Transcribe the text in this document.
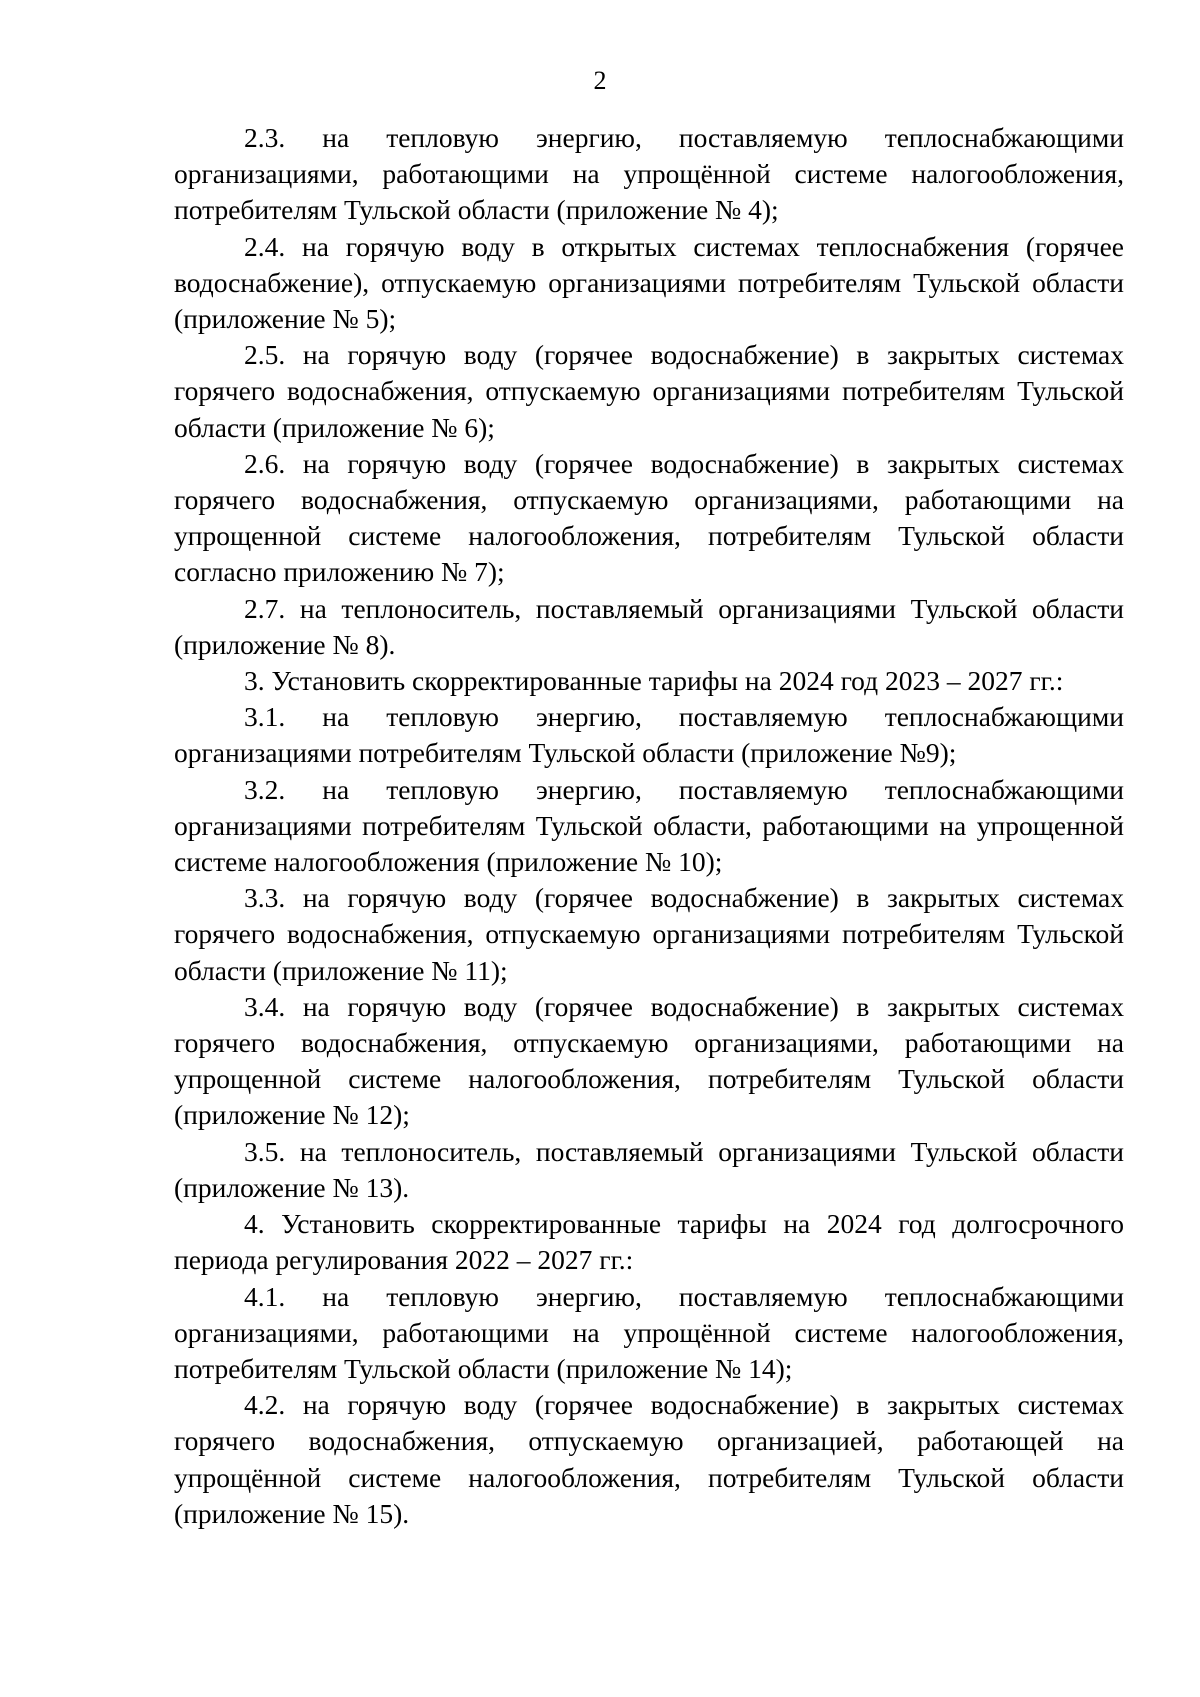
2

2.3. на тепловую энергию, поставляемую теплоснабжающими организациями, работающими на упрощённой системе налогообложения, потребителям Тульской области (приложение № 4);

2.4. на горячую воду в открытых системах теплоснабжения (горячее водоснабжение), отпускаемую организациями потребителям Тульской области (приложение № 5);

2.5. на горячую воду (горячее водоснабжение) в закрытых системах горячего водоснабжения, отпускаемую организациями потребителям Тульской области (приложение № 6);

2.6. на горячую воду (горячее водоснабжение) в закрытых системах горячего водоснабжения, отпускаемую организациями, работающими на упрощенной системе налогообложения, потребителям Тульской области согласно приложению № 7);

2.7. на теплоноситель, поставляемый организациями Тульской области (приложение № 8).

3. Установить скорректированные тарифы на 2024 год 2023 – 2027 гг.:

3.1. на тепловую энергию, поставляемую теплоснабжающими организациями потребителям Тульской области (приложение №9);

3.2. на тепловую энергию, поставляемую теплоснабжающими организациями потребителям Тульской области, работающими на упрощенной системе налогообложения (приложение № 10);

3.3. на горячую воду (горячее водоснабжение) в закрытых системах горячего водоснабжения, отпускаемую организациями потребителям Тульской области (приложение № 11);

3.4. на горячую воду (горячее водоснабжение) в закрытых системах горячего водоснабжения, отпускаемую организациями, работающими на упрощенной системе налогообложения, потребителям Тульской области (приложение № 12);

3.5. на теплоноситель, поставляемый организациями Тульской области (приложение № 13).

4. Установить скорректированные тарифы на 2024 год долгосрочного периода регулирования 2022 – 2027 гг.:

4.1. на тепловую энергию, поставляемую теплоснабжающими организациями, работающими на упрощённой системе налогообложения, потребителям Тульской области (приложение № 14);

4.2. на горячую воду (горячее водоснабжение) в закрытых системах горячего водоснабжения, отпускаемую организацией, работающей на упрощённой системе налогообложения, потребителям Тульской области (приложение № 15).
